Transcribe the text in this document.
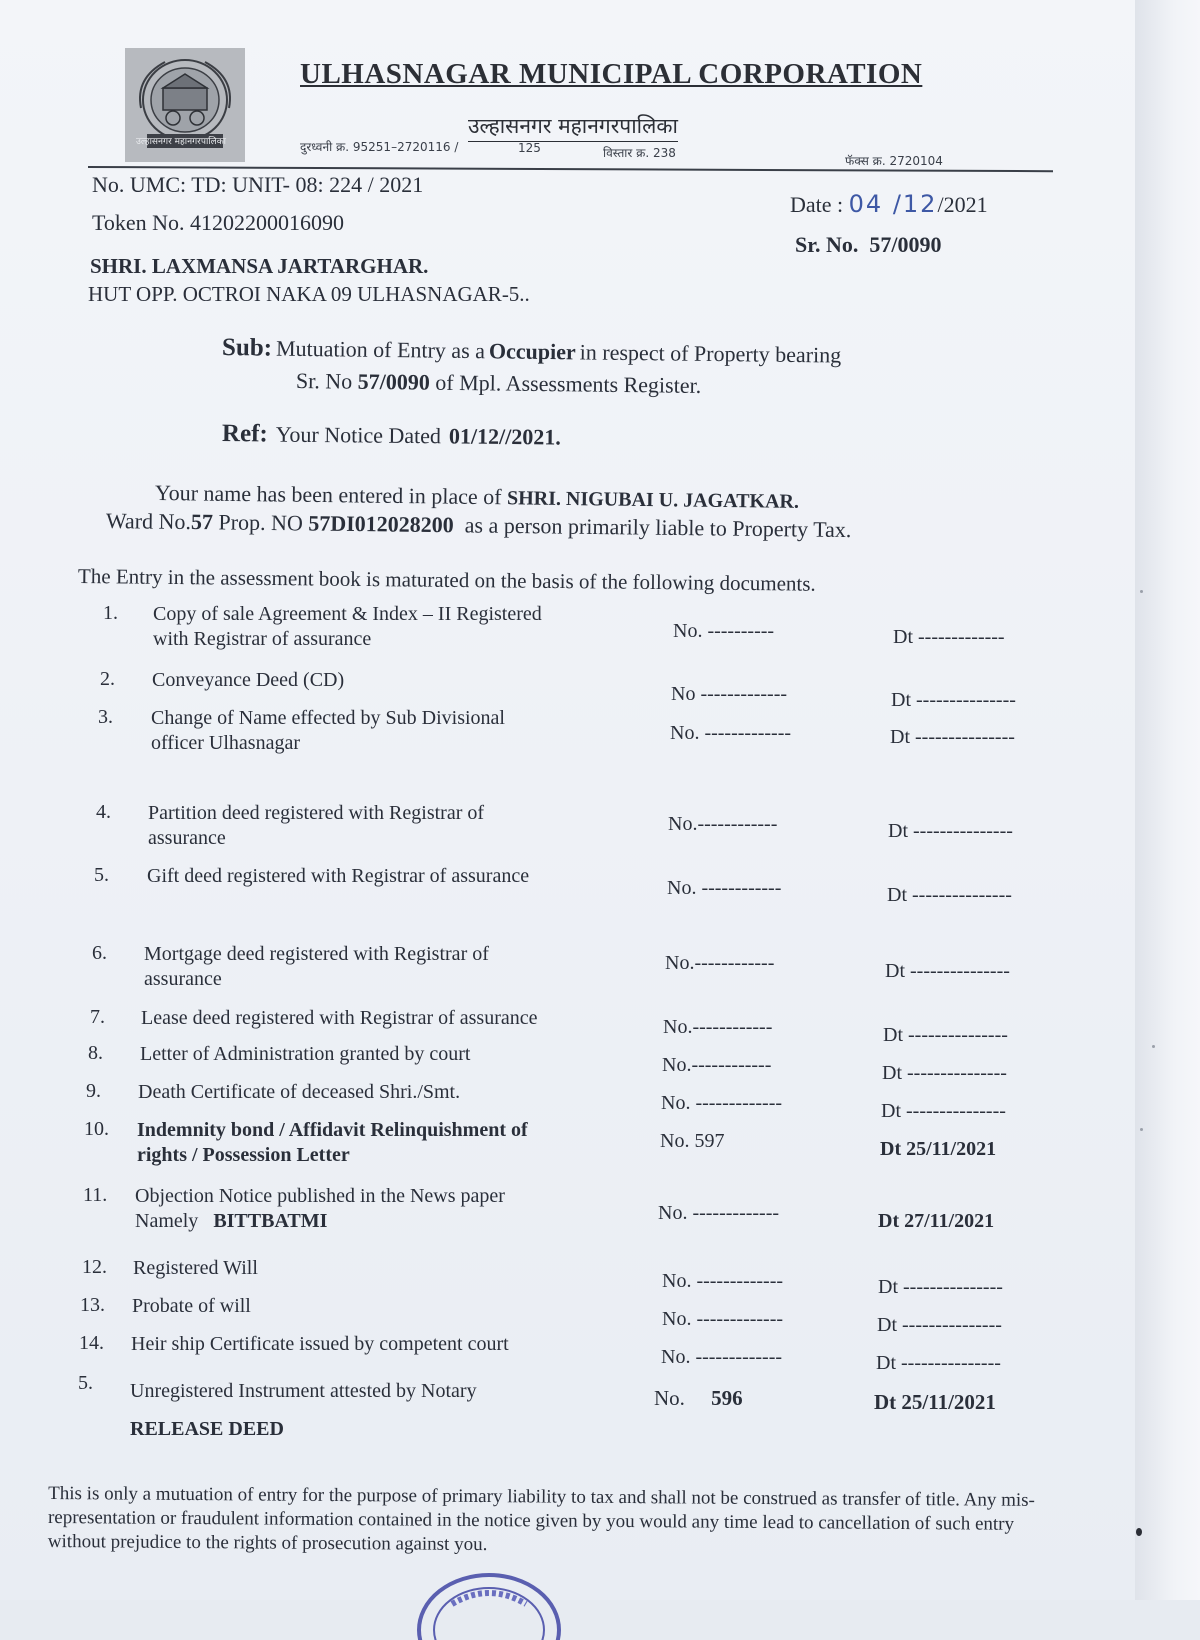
उल्हासनगर महानगरपालिका
ULHASNAGAR MUNICIPAL CORPORATION
उल्हासनगर महानगरपालिका
दुरध्वनी क्र. 95251–2720116 /	125	विस्तार क्र. 238
फॅक्स क्र. 2720104
No. UMC: TD: UNIT- 08: 224 / 2021
Token No. 41202200016090
Date : 04 /12/2021
Sr. No. 57/0090
SHRI. LAXMANSA JARTARGHAR.
HUT OPP. OCTROI NAKA 09 ULHASNAGAR-5..
Sub: Mutuation of Entry as a Occupier in respect of Property bearing
Sr. No 57/0090 of Mpl. Assessments Register.
Ref: Your Notice Dated 01/12//2021.
Your name has been entered in place of SHRI. NIGUBAI U. JAGATKAR.
Ward No.57 Prop. NO 57DI012028200 as a person primarily liable to Property Tax.
The Entry in the assessment book is maturated on the basis of the following documents.
1. Copy of sale Agreement & Index – II Registered
with Registrar of assurance	No. ----------	Dt -------------
2. Conveyance Deed (CD)
No -------------	Dt ---------------
3. Change of Name effected by Sub Divisional
officer Ulhasnagar	No. -------------	Dt ---------------
4. Partition deed registered with Registrar of
assurance
No.------------	Dt ---------------
5. Gift deed registered with Registrar of assurance
No. ------------	Dt ---------------
6. Mortgage deed registered with Registrar of
assurance
No.------------	Dt ---------------
7. Lease deed registered with Registrar of assurance	No.------------	Dt ---------------
8. Letter of Administration granted by court	No.------------	Dt ---------------
9. Death Certificate of deceased Shri./Smt.	No. -------------	Dt ---------------
10. Indemnity bond / Affidavit Relinquishment of
rights / Possession Letter
No. 597	Dt 25/11/2021
11. Objection Notice published in the News paper
Namely BITTBATMI	No. -------------	Dt 27/11/2021
12. Registered Will
No. -------------	Dt ---------------
13. Probate of will
No. -------------	Dt ---------------
14. Heir ship Certificate issued by competent court
No. -------------	Dt ---------------
5. Unregistered Instrument attested by Notary
RELEASE DEED
No. 596	Dt 25/11/2021
This is only a mutuation of entry for the purpose of primary liability to tax and shall not be construed as transfer of title. Any mis-representation or fraudulent information contained in the notice given by you would any time lead to cancellation of such entry without prejudice to the rights of prosecution against you.
